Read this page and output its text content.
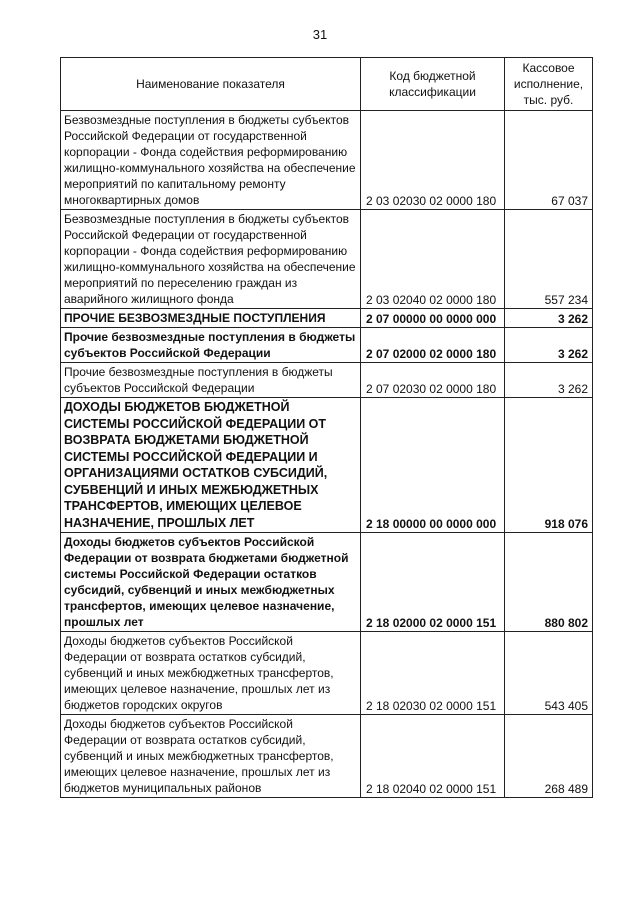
31
Наименование показателя	Код бюджетной классификации	Кассовое исполнение, тыс. руб.
Безвозмездные поступления в бюджеты субъектов Российской Федерации от государственной корпорации - Фонда содействия реформированию жилищно-коммунального хозяйства на обеспечение мероприятий по капитальному ремонту многоквартирных домов	2 03 02030 02 0000 180	67 037
Безвозмездные поступления в бюджеты субъектов Российской Федерации от государственной корпорации - Фонда содействия реформированию жилищно-коммунального хозяйства на обеспечение мероприятий по переселению граждан из аварийного жилищного фонда	2 03 02040 02 0000 180	557 234
ПРОЧИЕ БЕЗВОЗМЕЗДНЫЕ ПОСТУПЛЕНИЯ	2 07 00000 00 0000 000	3 262
Прочие безвозмездные поступления в бюджеты субъектов Российской Федерации	2 07 02000 02 0000 180	3 262
Прочие безвозмездные поступления в бюджеты субъектов Российской Федерации	2 07 02030 02 0000 180	3 262
ДОХОДЫ БЮДЖЕТОВ БЮДЖЕТНОЙ СИСТЕМЫ РОССИЙСКОЙ ФЕДЕРАЦИИ ОТ ВОЗВРАТА БЮДЖЕТАМИ БЮДЖЕТНОЙ СИСТЕМЫ РОССИЙСКОЙ ФЕДЕРАЦИИ И ОРГАНИЗАЦИЯМИ ОСТАТКОВ СУБСИДИЙ, СУБВЕНЦИЙ И ИНЫХ МЕЖБЮДЖЕТНЫХ ТРАНСФЕРТОВ, ИМЕЮЩИХ ЦЕЛЕВОЕ НАЗНАЧЕНИЕ, ПРОШЛЫХ ЛЕТ	2 18 00000 00 0000 000	918 076
Доходы бюджетов субъектов Российской Федерации от возврата бюджетами бюджетной системы Российской Федерации остатков субсидий, субвенций и иных межбюджетных трансфертов, имеющих целевое назначение, прошлых лет	2 18 02000 02 0000 151	880 802
Доходы бюджетов субъектов Российской Федерации от возврата остатков субсидий, субвенций и иных межбюджетных трансфертов, имеющих целевое назначение, прошлых лет из бюджетов городских округов	2 18 02030 02 0000 151	543 405
Доходы бюджетов субъектов Российской Федерации от возврата остатков субсидий, субвенций и иных межбюджетных трансфертов, имеющих целевое назначение, прошлых лет из бюджетов муниципальных районов	2 18 02040 02 0000 151	268 489
